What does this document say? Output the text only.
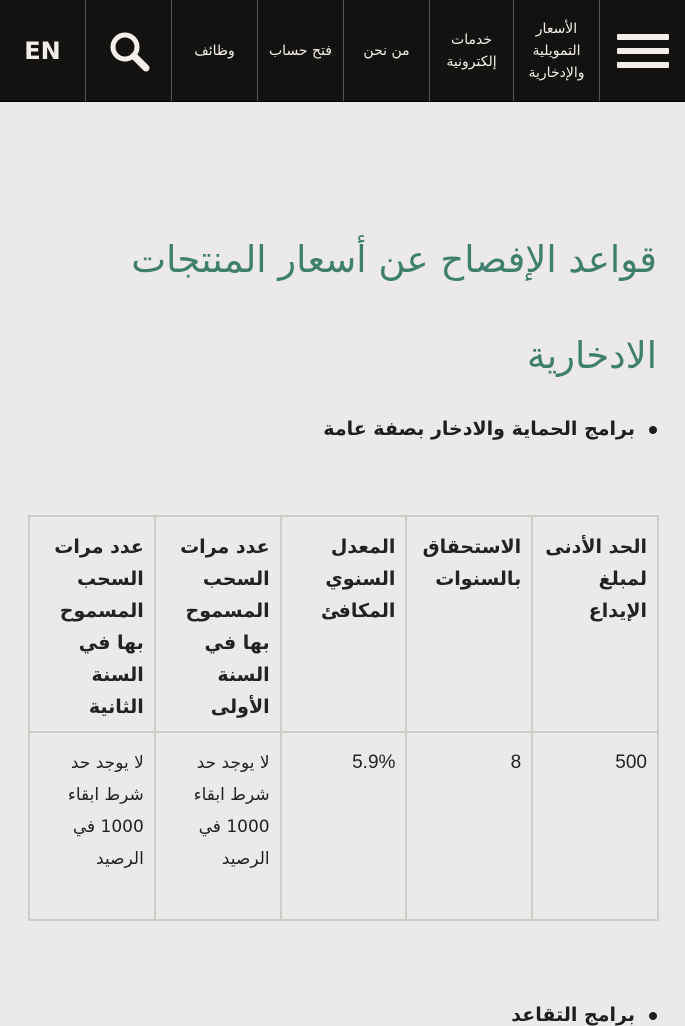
الأسعار التمويلية والإدخارية
خدمات إلكترونية
من نحن
فتح حساب
وظائف
EN
قواعد الإفصاح عن أسعار المنتجات الادخارية
برامج الحماية والادخار بصفة عامة
الحد الأدنى لمبلغ الإيداع	الاستحقاق بالسنوات	المعدل السنوي المكافئ	عدد مرات السحب المسموح بها في السنة الأولى	عدد مرات السحب المسموح بها في السنة الثانية
500	8	5.9%	لا يوجد حد شرط ابقاء 1000 في الرصيد	لا يوجد حد شرط ابقاء 1000 في الرصيد
برامج التقاعد
